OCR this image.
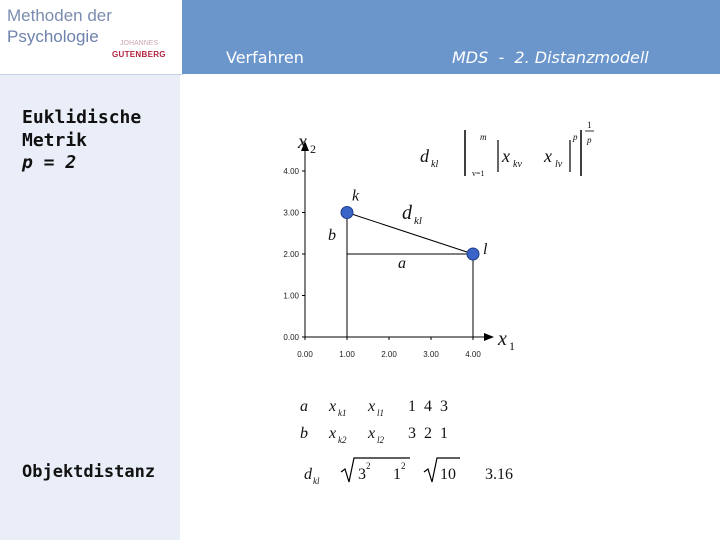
Methoden der
Psychologie	JOHANNES
GUTENBERG	Verfahren	MDS  -  2. Distanzmodell
Euklidische
Metrik
p = 2
Objektdistanz
d kl
v=1
m
x kv x lv
p
1
p
0.00
1.00
2.00
3.00
4.00
0.00	1.00	2.00	3.00	4.00
x 2
x 1
k
l
b
a
d kl
a x k1 x l1 1  4  3
b x k2 x l2 3  2  1
d kl 3 2 1 2 10 3.16
